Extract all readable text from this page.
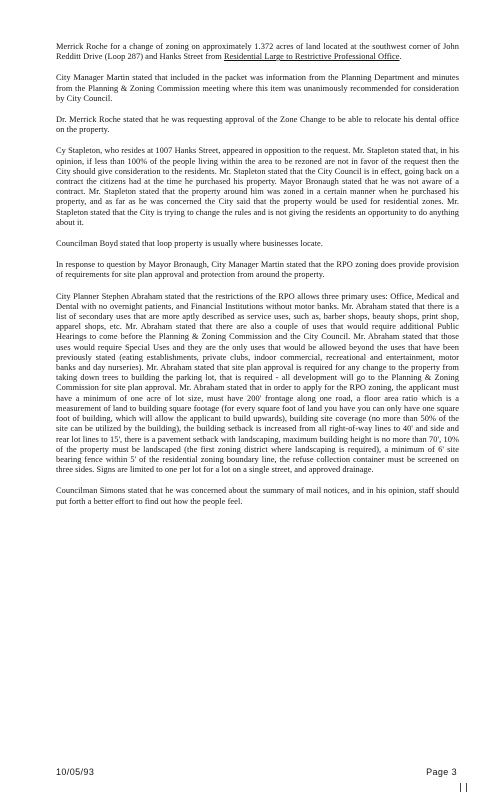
Merrick Roche for a change of zoning on approximately 1.372 acres of land located at the southwest corner of John Redditt Drive (Loop 287) and Hanks Street from Residential Large to Restrictive Professional Office.

City Manager Martin stated that included in the packet was information from the Planning Department and minutes from the Planning & Zoning Commission meeting where this item was unanimously recommended for consideration by City Council.

Dr. Merrick Roche stated that he was requesting approval of the Zone Change to be able to relocate his dental office on the property.

Cy Stapleton, who resides at 1007 Hanks Street, appeared in opposition to the request. Mr. Stapleton stated that, in his opinion, if less than 100% of the people living within the area to be rezoned are not in favor of the request then the City should give consideration to the residents. Mr. Stapleton stated that the City Council is in effect, going back on a contract the citizens had at the time he purchased his property. Mayor Bronaugh stated that he was not aware of a contract. Mr. Stapleton stated that the property around him was zoned in a certain manner when he purchased his property, and as far as he was concerned the City said that the property would be used for residential zones. Mr. Stapleton stated that the City is trying to change the rules and is not giving the residents an opportunity to do anything about it.

Councilman Boyd stated that loop property is usually where businesses locate.

In response to question by Mayor Bronaugh, City Manager Martin stated that the RPO zoning does provide provision of requirements for site plan approval and protection from around the property.

City Planner Stephen Abraham stated that the restrictions of the RPO allows three primary uses: Office, Medical and Dental with no overnight patients, and Financial Institutions without motor banks. Mr. Abraham stated that there is a list of secondary uses that are more aptly described as service uses, such as, barber shops, beauty shops, print shop, apparel shops, etc. Mr. Abraham stated that there are also a couple of uses that would require additional Public Hearings to come before the Planning & Zoning Commission and the City Council. Mr. Abraham stated that those uses would require Special Uses and they are the only uses that would be allowed beyond the uses that have been previously stated (eating establishments, private clubs, indoor commercial, recreational and entertainment, motor banks and day nurseries). Mr. Abraham stated that site plan approval is required for any change to the property from taking down trees to building the parking lot, that is required - all development will go to the Planning & Zoning Commission for site plan approval. Mr. Abraham stated that in order to apply for the RPO zoning, the applicant must have a minimum of one acre of lot size, must have 200' frontage along one road, a floor area ratio which is a measurement of land to building square footage (for every square foot of land you have you can only have one square foot of building, which will allow the applicant to build upwards), building site coverage (no more than 50% of the site can be utilized by the building), the building setback is increased from all right-of-way lines to 40' and side and rear lot lines to 15', there is a pavement setback with landscaping, maximum building height is no more than 70', 10% of the property must be landscaped (the first zoning district where landscaping is required), a minimum of 6' site bearing fence within 5' of the residential zoning boundary line, the refuse collection container must be screened on three sides. Signs are limited to one per lot for a lot on a single street, and approved drainage.

Councilman Simons stated that he was concerned about the summary of mail notices, and in his opinion, staff should put forth a better effort to find out how the people feel.

10/05/93	Page 3
